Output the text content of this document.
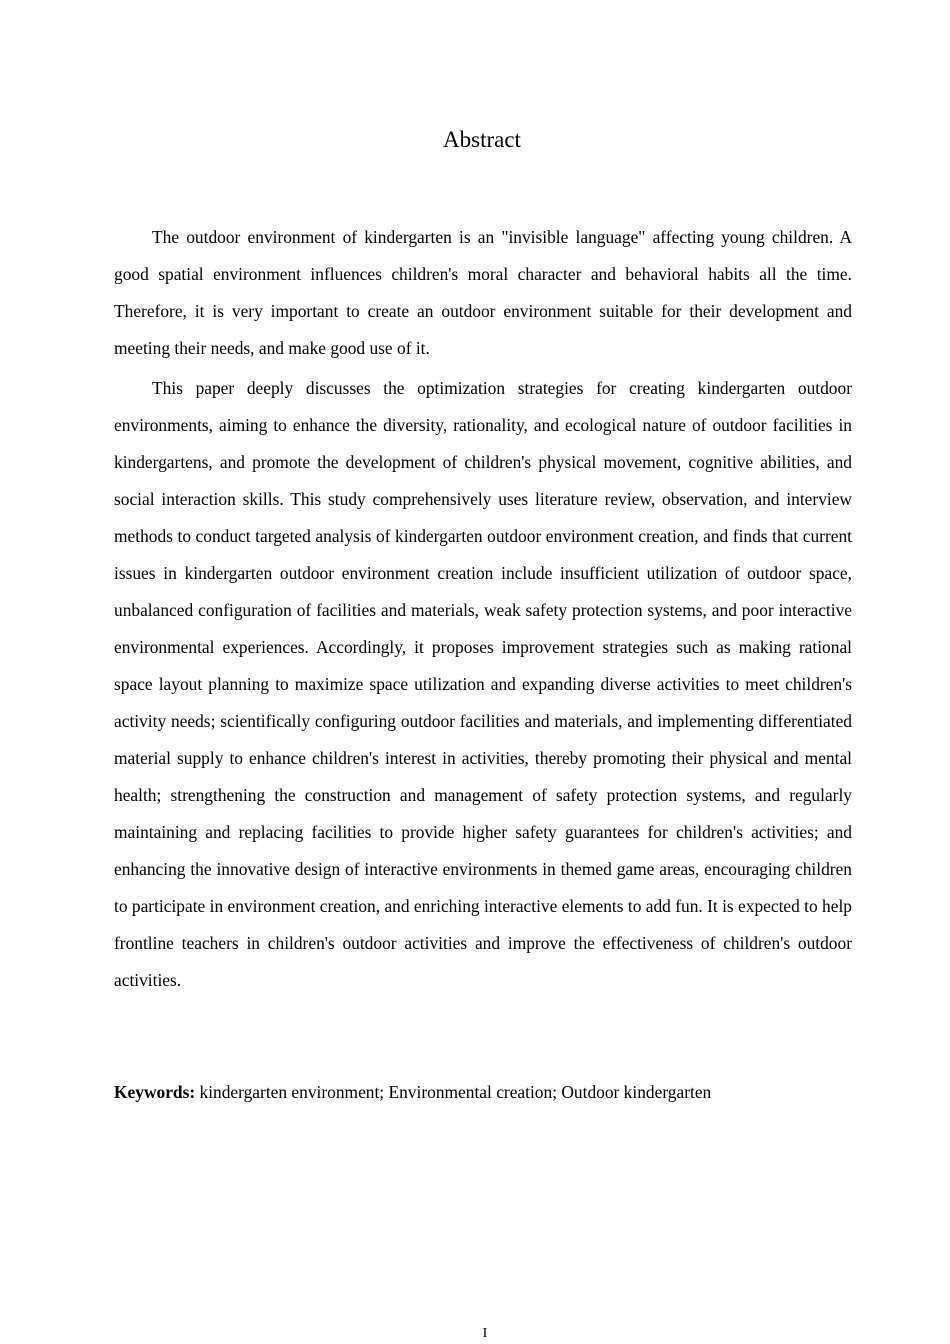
Abstract

The outdoor environment of kindergarten is an "invisible language" affecting young children. A good spatial environment influences children's moral character and behavioral habits all the time. Therefore, it is very important to create an outdoor environment suitable for their development and meeting their needs, and make good use of it.

This paper deeply discusses the optimization strategies for creating kindergarten outdoor environments, aiming to enhance the diversity, rationality, and ecological nature of outdoor facilities in kindergartens, and promote the development of children's physical movement, cognitive abilities, and social interaction skills. This study comprehensively uses literature review, observation, and interview methods to conduct targeted analysis of kindergarten outdoor environment creation, and finds that current issues in kindergarten outdoor environment creation include insufficient utilization of outdoor space, unbalanced configuration of facilities and materials, weak safety protection systems, and poor interactive environmental experiences. Accordingly, it proposes improvement strategies such as making rational space layout planning to maximize space utilization and expanding diverse activities to meet children's activity needs; scientifically configuring outdoor facilities and materials, and implementing differentiated material supply to enhance children's interest in activities, thereby promoting their physical and mental health; strengthening the construction and management of safety protection systems, and regularly maintaining and replacing facilities to provide higher safety guarantees for children's activities; and enhancing the innovative design of interactive environments in themed game areas, encouraging children to participate in environment creation, and enriching interactive elements to add fun. It is expected to help frontline teachers in children's outdoor activities and improve the effectiveness of children's outdoor activities.

Keywords: kindergarten environment; Environmental creation; Outdoor kindergarten
I
